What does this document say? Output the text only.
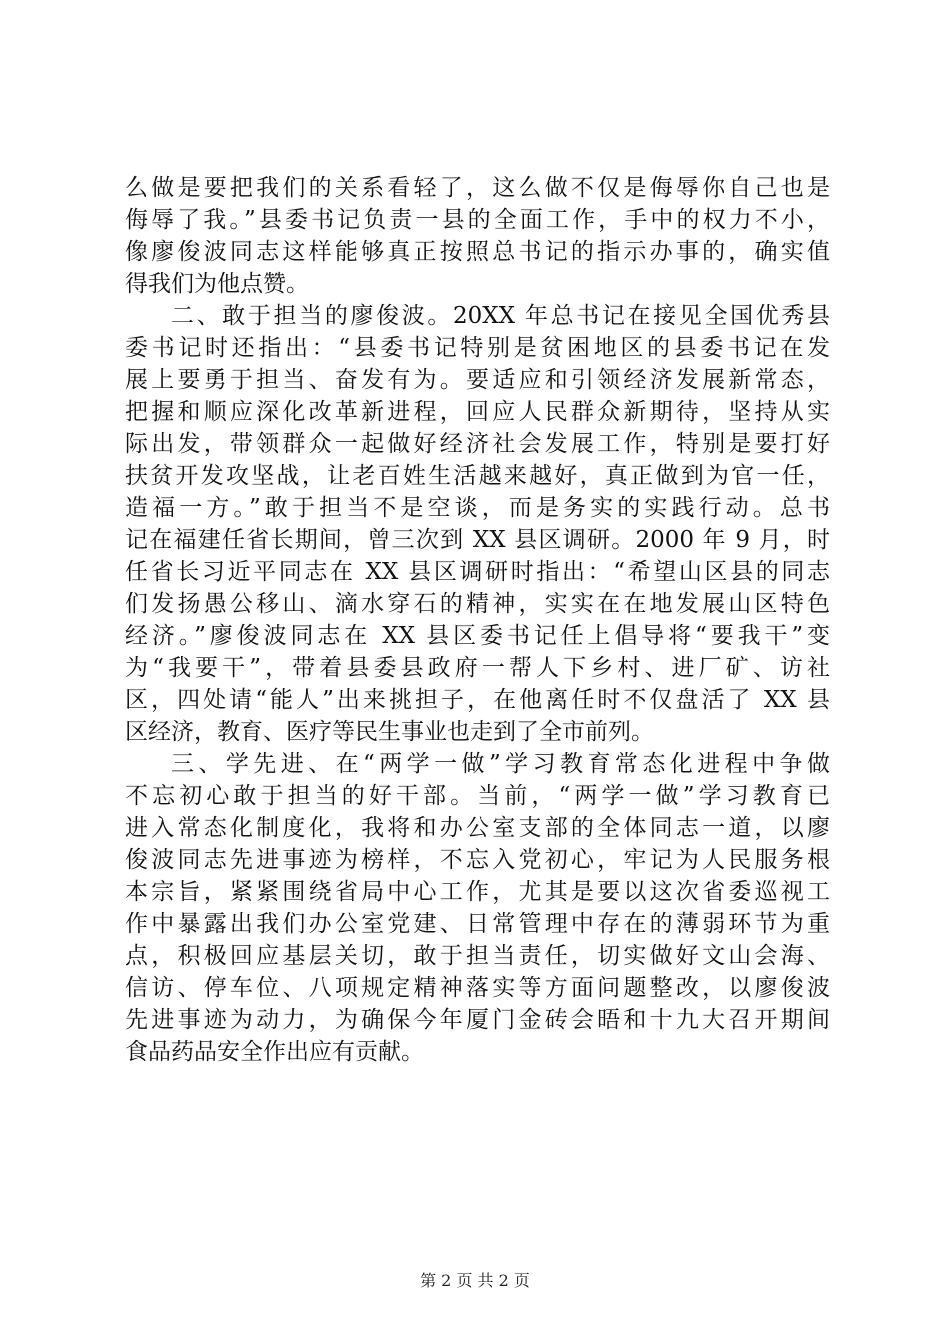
么做是要把我们的关系看轻了，这么做不仅是侮辱你自己也是
侮辱了我。”县委书记负责一县的全面工作，手中的权力不小，
像廖俊波同志这样能够真正按照总书记的指示办事的，确实值
得我们为他点赞。
二、敢于担当的廖俊波。20XX 年总书记在接见全国优秀县
委书记时还指出：“县委书记特别是贫困地区的县委书记在发
展上要勇于担当、奋发有为。要适应和引领经济发展新常态，
把握和顺应深化改革新进程，回应人民群众新期待，坚持从实
际出发，带领群众一起做好经济社会发展工作，特别是要打好
扶贫开发攻坚战，让老百姓生活越来越好，真正做到为官一任，
造福一方。”敢于担当不是空谈，而是务实的实践行动。总书
记在福建任省长期间，曾三次到 XX 县区调研。2000 年 9 月，时
任省长习近平同志在 XX 县区调研时指出：“希望山区县的同志
们发扬愚公移山、滴水穿石的精神，实实在在地发展山区特色
经济。”廖俊波同志在 XX 县区委书记任上倡导将“要我干”变
为“我要干”，带着县委县政府一帮人下乡村、进厂矿、访社
区，四处请“能人”出来挑担子，在他离任时不仅盘活了 XX 县
区经济，教育、医疗等民生事业也走到了全市前列。
三、学先进、在“两学一做”学习教育常态化进程中争做
不忘初心敢于担当的好干部。当前，“两学一做”学习教育已
进入常态化制度化，我将和办公室支部的全体同志一道，以廖
俊波同志先进事迹为榜样，不忘入党初心，牢记为人民服务根
本宗旨，紧紧围绕省局中心工作，尤其是要以这次省委巡视工
作中暴露出我们办公室党建、日常管理中存在的薄弱环节为重
点，积极回应基层关切，敢于担当责任，切实做好文山会海、
信访、停车位、八项规定精神落实等方面问题整改，以廖俊波
先进事迹为动力，为确保今年厦门金砖会晤和十九大召开期间
食品药品安全作出应有贡献。
第 2 页 共 2 页
